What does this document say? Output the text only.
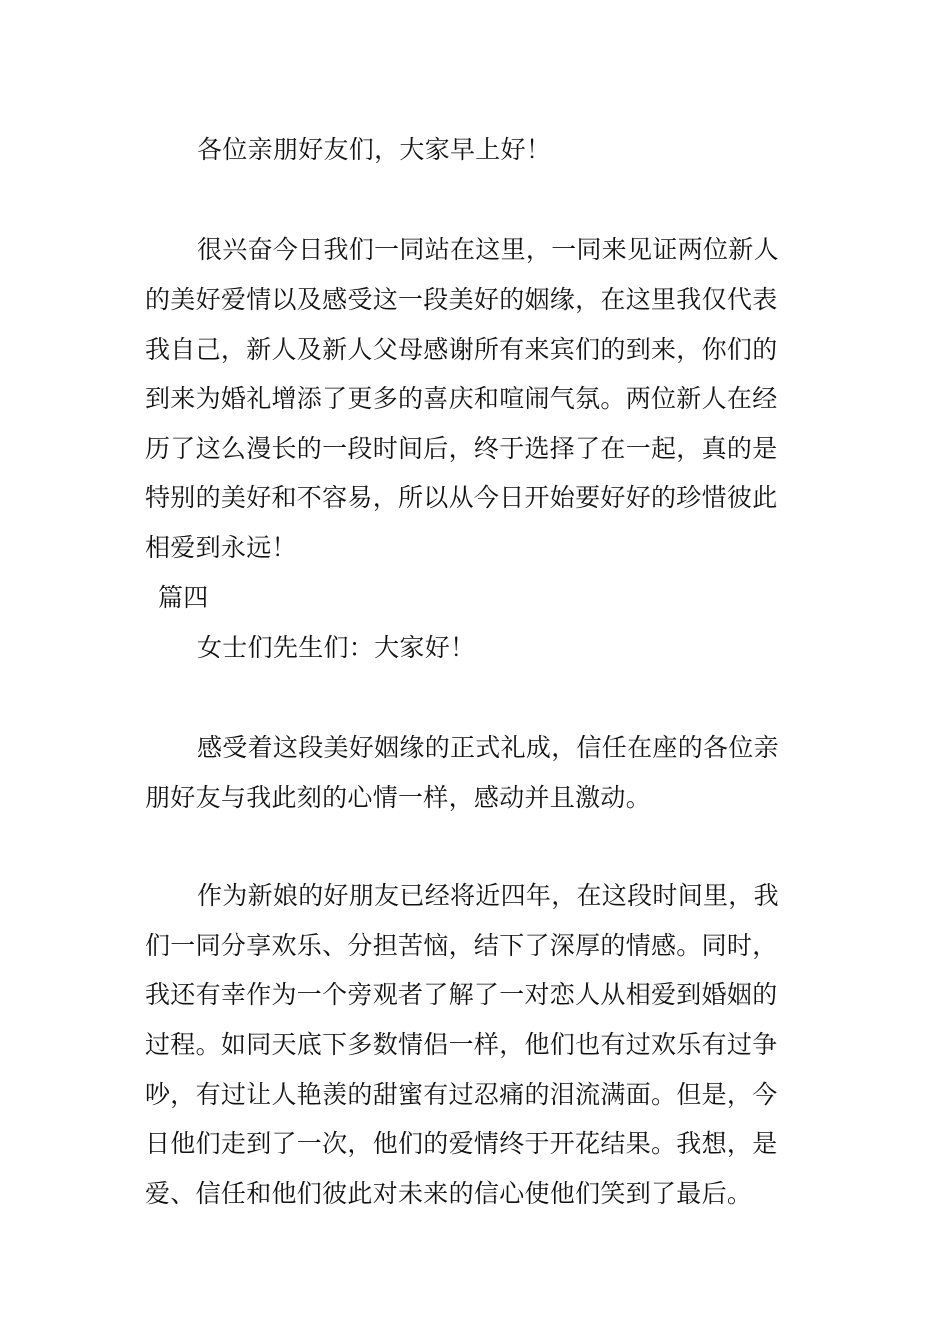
各位亲朋好友们，大家早上好！
很兴奋今日我们一同站在这里，一同来见证两位新人
的美好爱情以及感受这一段美好的姻缘，在这里我仅代表
我自己，新人及新人父母感谢所有来宾们的到来，你们的
到来为婚礼增添了更多的喜庆和喧闹气氛。两位新人在经
历了这么漫长的一段时间后，终于选择了在一起，真的是
特别的美好和不容易，所以从今日开始要好好的珍惜彼此
相爱到永远！
篇四
女士们先生们：大家好！
感受着这段美好姻缘的正式礼成，信任在座的各位亲
朋好友与我此刻的心情一样，感动并且激动。
作为新娘的好朋友已经将近四年，在这段时间里，我
们一同分享欢乐、分担苦恼，结下了深厚的情感。同时，
我还有幸作为一个旁观者了解了一对恋人从相爱到婚姻的
过程。如同天底下多数情侣一样，他们也有过欢乐有过争
吵，有过让人艳羡的甜蜜有过忍痛的泪流满面。但是，今
日他们走到了一次，他们的爱情终于开花结果。我想，是
爱、信任和他们彼此对未来的信心使他们笑到了最后。
